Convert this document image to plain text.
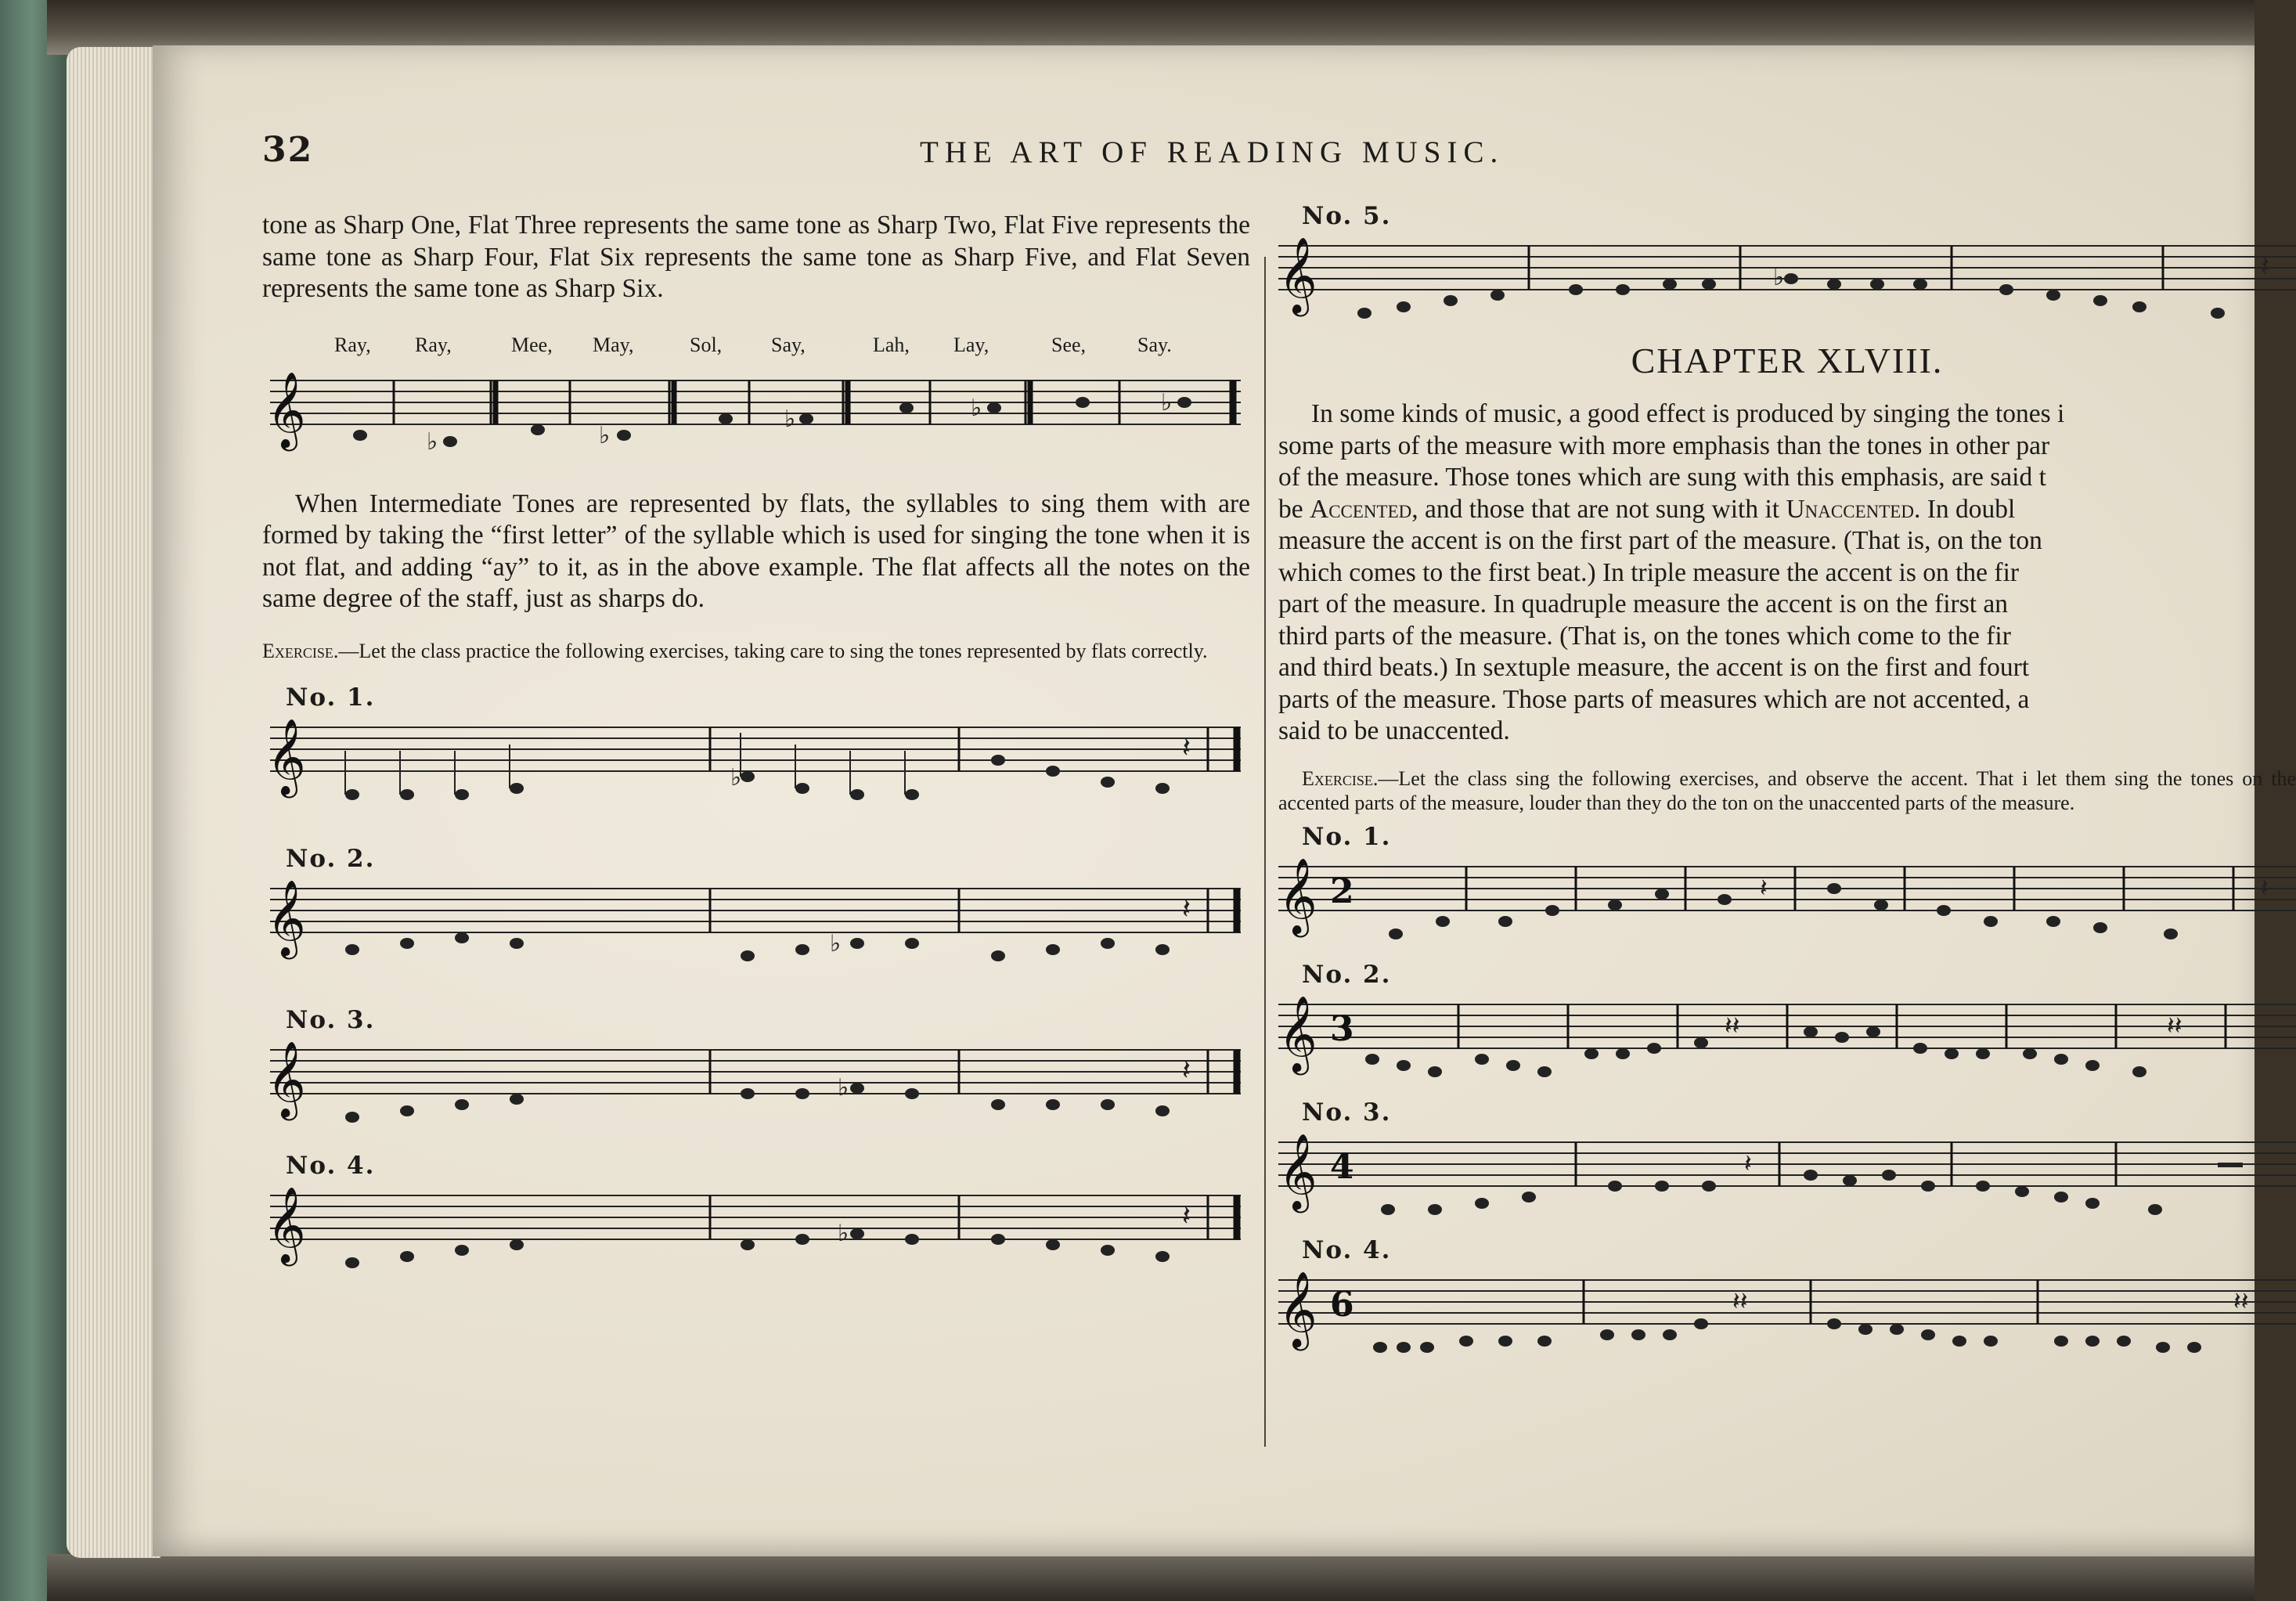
32	THE ART OF READING MUSIC.

tone as Sharp One, Flat Three represents the same tone as Sharp Two, Flat Five represents the same tone as Sharp Four, Flat Six represents the same tone as Sharp Five, and Flat Seven represents the same tone as Sharp Six.

Ray, Ray,	Mee, May,	Sol, Say,	Lah, Lay,	See,	Say.
𝄞	♭	♭
♭	♭	♭

When Intermediate Tones are represented by flats, the syllables to sing them with are formed by taking the “first letter” of the syllable which is used for singing the tone when it is not flat, and adding “ay” to it, as in the above example. The flat affects all the notes on the same degree of the staff, just as sharps do.

Exercise.—Let the class practice the following exercises, taking care to sing the tones represented by flats correctly.

No. 1.

𝄞	♭
𝄽

No. 2.

𝄞	♭
𝄽

No. 3.

𝄞	♭
𝄽

No. 4.

𝄞	♭
𝄽

No. 5.

𝄞	♭	𝄽

CHAPTER XLVIII.

In some kinds of music, a good effect is produced by singing the tones i
some parts of the measure with more emphasis than the tones in other par
of the measure. Those tones which are sung with this emphasis, are said t
be Accented, and those that are not sung with it Unaccented. In doubl
measure the accent is on the first part of the measure. (That is, on the ton
which comes to the first beat.) In triple measure the accent is on the fir
part of the measure. In quadruple measure the accent is on the first an
third parts of the measure. (That is, on the tones which come to the fir
and third beats.) In sextuple measure, the accent is on the first and fourt
parts of the measure. Those parts of measures which are not accented, a
said to be unaccented.

Exercise.—Let the class sing the following exercises, and observe the accent. That i let them sing the tones on the accented parts of the measure, louder than they do the ton on the unaccented parts of the measure.

No. 1.

𝄞 2	𝄽	𝄽

No. 2.

𝄞 3	𝄽𝄽	𝄽𝄽

No. 3.

𝄞 4	𝄽

No. 4.

𝄞 6	𝄽𝄽	𝄽𝄽
